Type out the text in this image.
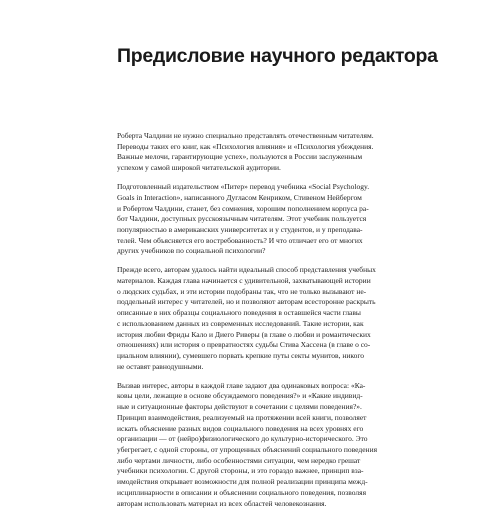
Предисловие научного редактора

Роберта Чалдини не нужно специально представлять отечественным читателям.
Переводы таких его книг, как «Психология влияния» и «Психология убеждения.
Важные мелочи, гарантирующие успех», пользуются в России заслуженным
успехом у самой широкой читательской аудитории.

Подготовленный издательством «Питер» перевод учебника «Social Psychology.
Goals in Interaction», написанного Дугласом Кенриком, Стивеном Нейбергом
и Робертом Чалдини, станет, без сомнения, хорошим пополнением корпуса ра-
бот Чалдини, доступных русскоязычным читателям. Этот учебник пользуется
популярностью в американских университетах и у студентов, и у преподава-
телей. Чем объясняется его востребованность? И что отличает его от многих
других учебников по социальной психологии?

Прежде всего, авторам удалось найти идеальный способ представления учебных
материалов. Каждая глава начинается с удивительной, захватывающей истории
о людских судьбах, и эти истории подобраны так, что не только вызывают не-
поддельный интерес у читателей, но и позволяют авторам всесторонне раскрыть
описанные в них образцы социального поведения в оставшейся части главы
с использованием данных из современных исследований. Такие истории, как
история любви Фриды Кало и Диего Риверы (в главе о любви и романтических
отношениях) или история о превратностях судьбы Стива Хассена (в главе о со-
циальном влиянии), сумевшего порвать крепкие путы секты мунитов, никого
не оставят равнодушными.

Вызвав интерес, авторы в каждой главе задают два одинаковых вопроса: «Ка-
ковы цели, лежащие в основе обсуждаемого поведения?» и «Какие индивид-
ные и ситуационные факторы действуют в сочетании с целями поведения?».
Принцип взаимодействия, реализуемый на протяжении всей книги, позволяет
искать объяснение разных видов социального поведения на всех уровнях его
организации — от (нейро)физиологического до культурно-исторического. Это
убегрегает, с одной стороны, от упрощенных объяснений социального поведения
либо чертами личности, либо особенностями ситуации, чем нередко грешат
учебники психологии. С другой стороны, и это гораздо важнее, принцип вза-
имодействия открывает возможности для полной реализации принципа межд-
исциплинарности в описании и объяснении социального поведения, позволяя
авторам использовать материал из всех областей человекознания.
